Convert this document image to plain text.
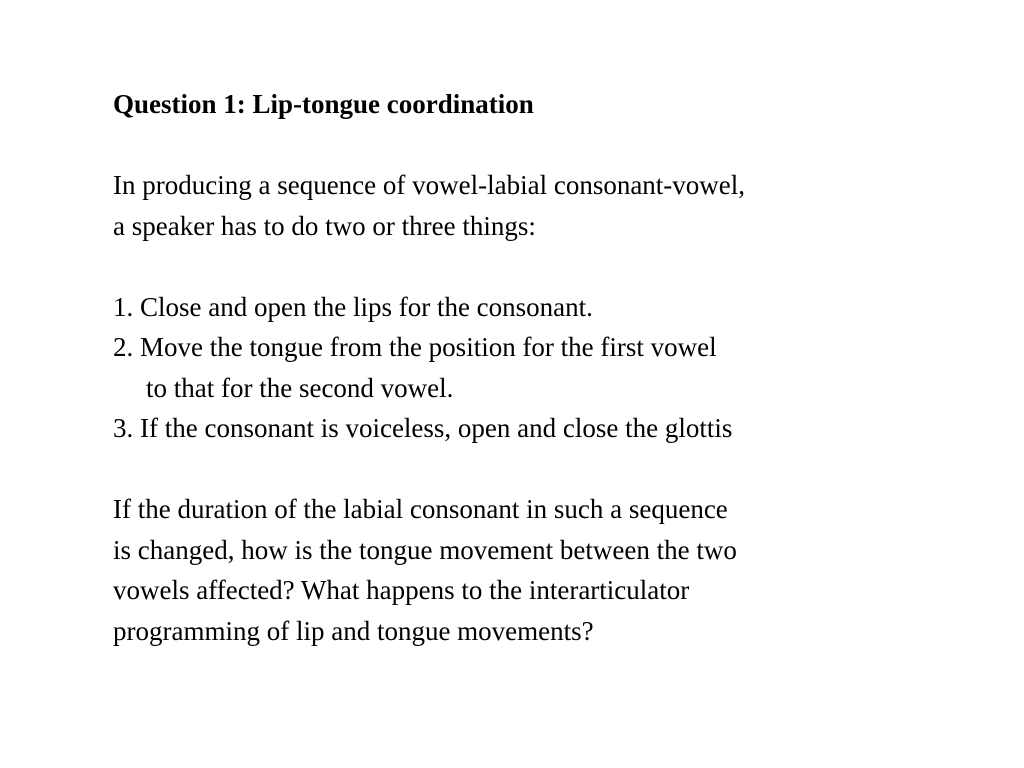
Question 1: Lip-tongue coordination

In producing a sequence of vowel-labial consonant-vowel,

a speaker has to do two or three things:

1. Close and open the lips for the consonant.

2. Move the tongue from the position for the first vowel

to that for the second vowel.

3. If the consonant is voiceless, open and close the glottis

If the duration of the labial consonant in such a sequence

is changed, how is the tongue movement between the two

vowels affected? What happens to the interarticulator

programming of lip and tongue movements?
